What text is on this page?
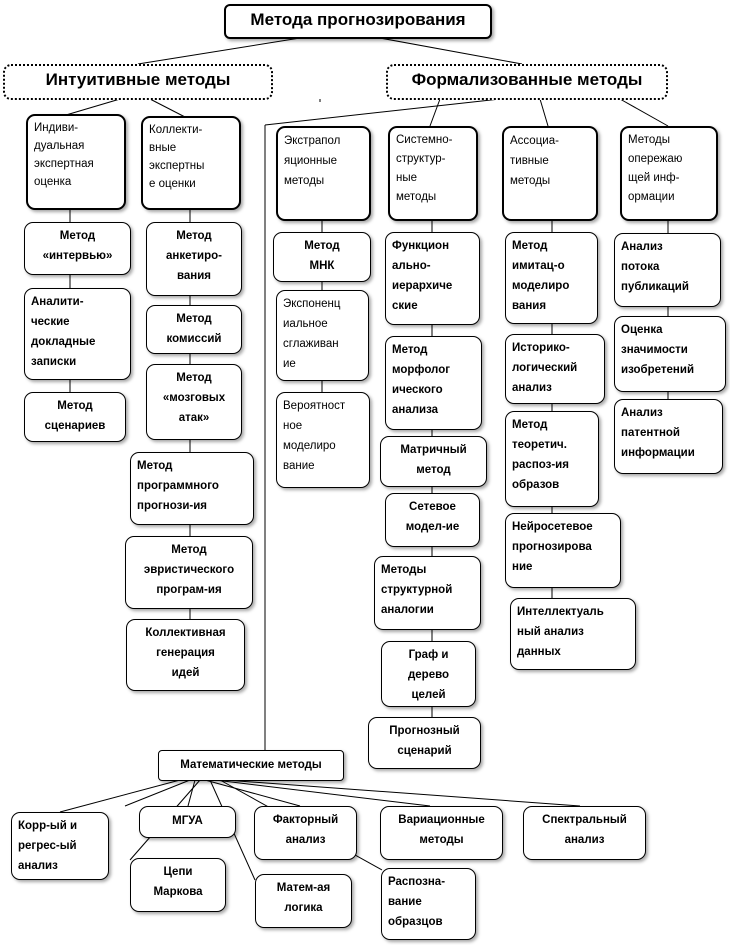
Метода прогнозирования
Интуитивные методы	Формализованные методы
Индиви-
дуальная
экспертная
оценка
Коллекти-
вные
экспертны
е оценки
Метод
«интервью»
Аналити-
ческие
докладные
записки
Метод
сценариев
Метод
анкетиро-
вания
Метод
комиссий
Метод
«мозговых
атак»
Метод
программного
прогнози-ия
Метод
эвристического
програм-ия
Коллективная
генерация
идей
Экстрапол
яционные
методы
Системно-
структур-
ные
методы
Ассоциа-
тивные
методы
Методы
опережаю
щей инф-
ормации
Метод
МНК
Экспоненц
иальное
сглаживан
ие
Вероятност
ное
моделиро
вание
Функцион
ально-
иерархиче
ские
Метод
морфолог
ического
анализа
Матричный
метод
Сетевое
модел-ие
Методы
структурной
аналогии
Граф и
дерево
целей
Прогнозный
сценарий
Метод
имитац-о
моделиро
вания
Историко-
логический
анализ
Метод
теоретич.
распоз-ия
образов
Нейросетевое
прогнозирова
ние
Интеллектуаль
ный анализ
данных
Анализ
потока
публикаций
Оценка
значимости
изобретений
Анализ
патентной
информации
Математические методы
Корр-ый и
регрес-ый
анализ
МГУА
Цепи
Маркова
Факторный
анализ
Матем-ая
логика
Вариационные
методы
Распозна-
вание
образцов
Спектральный
анализ
